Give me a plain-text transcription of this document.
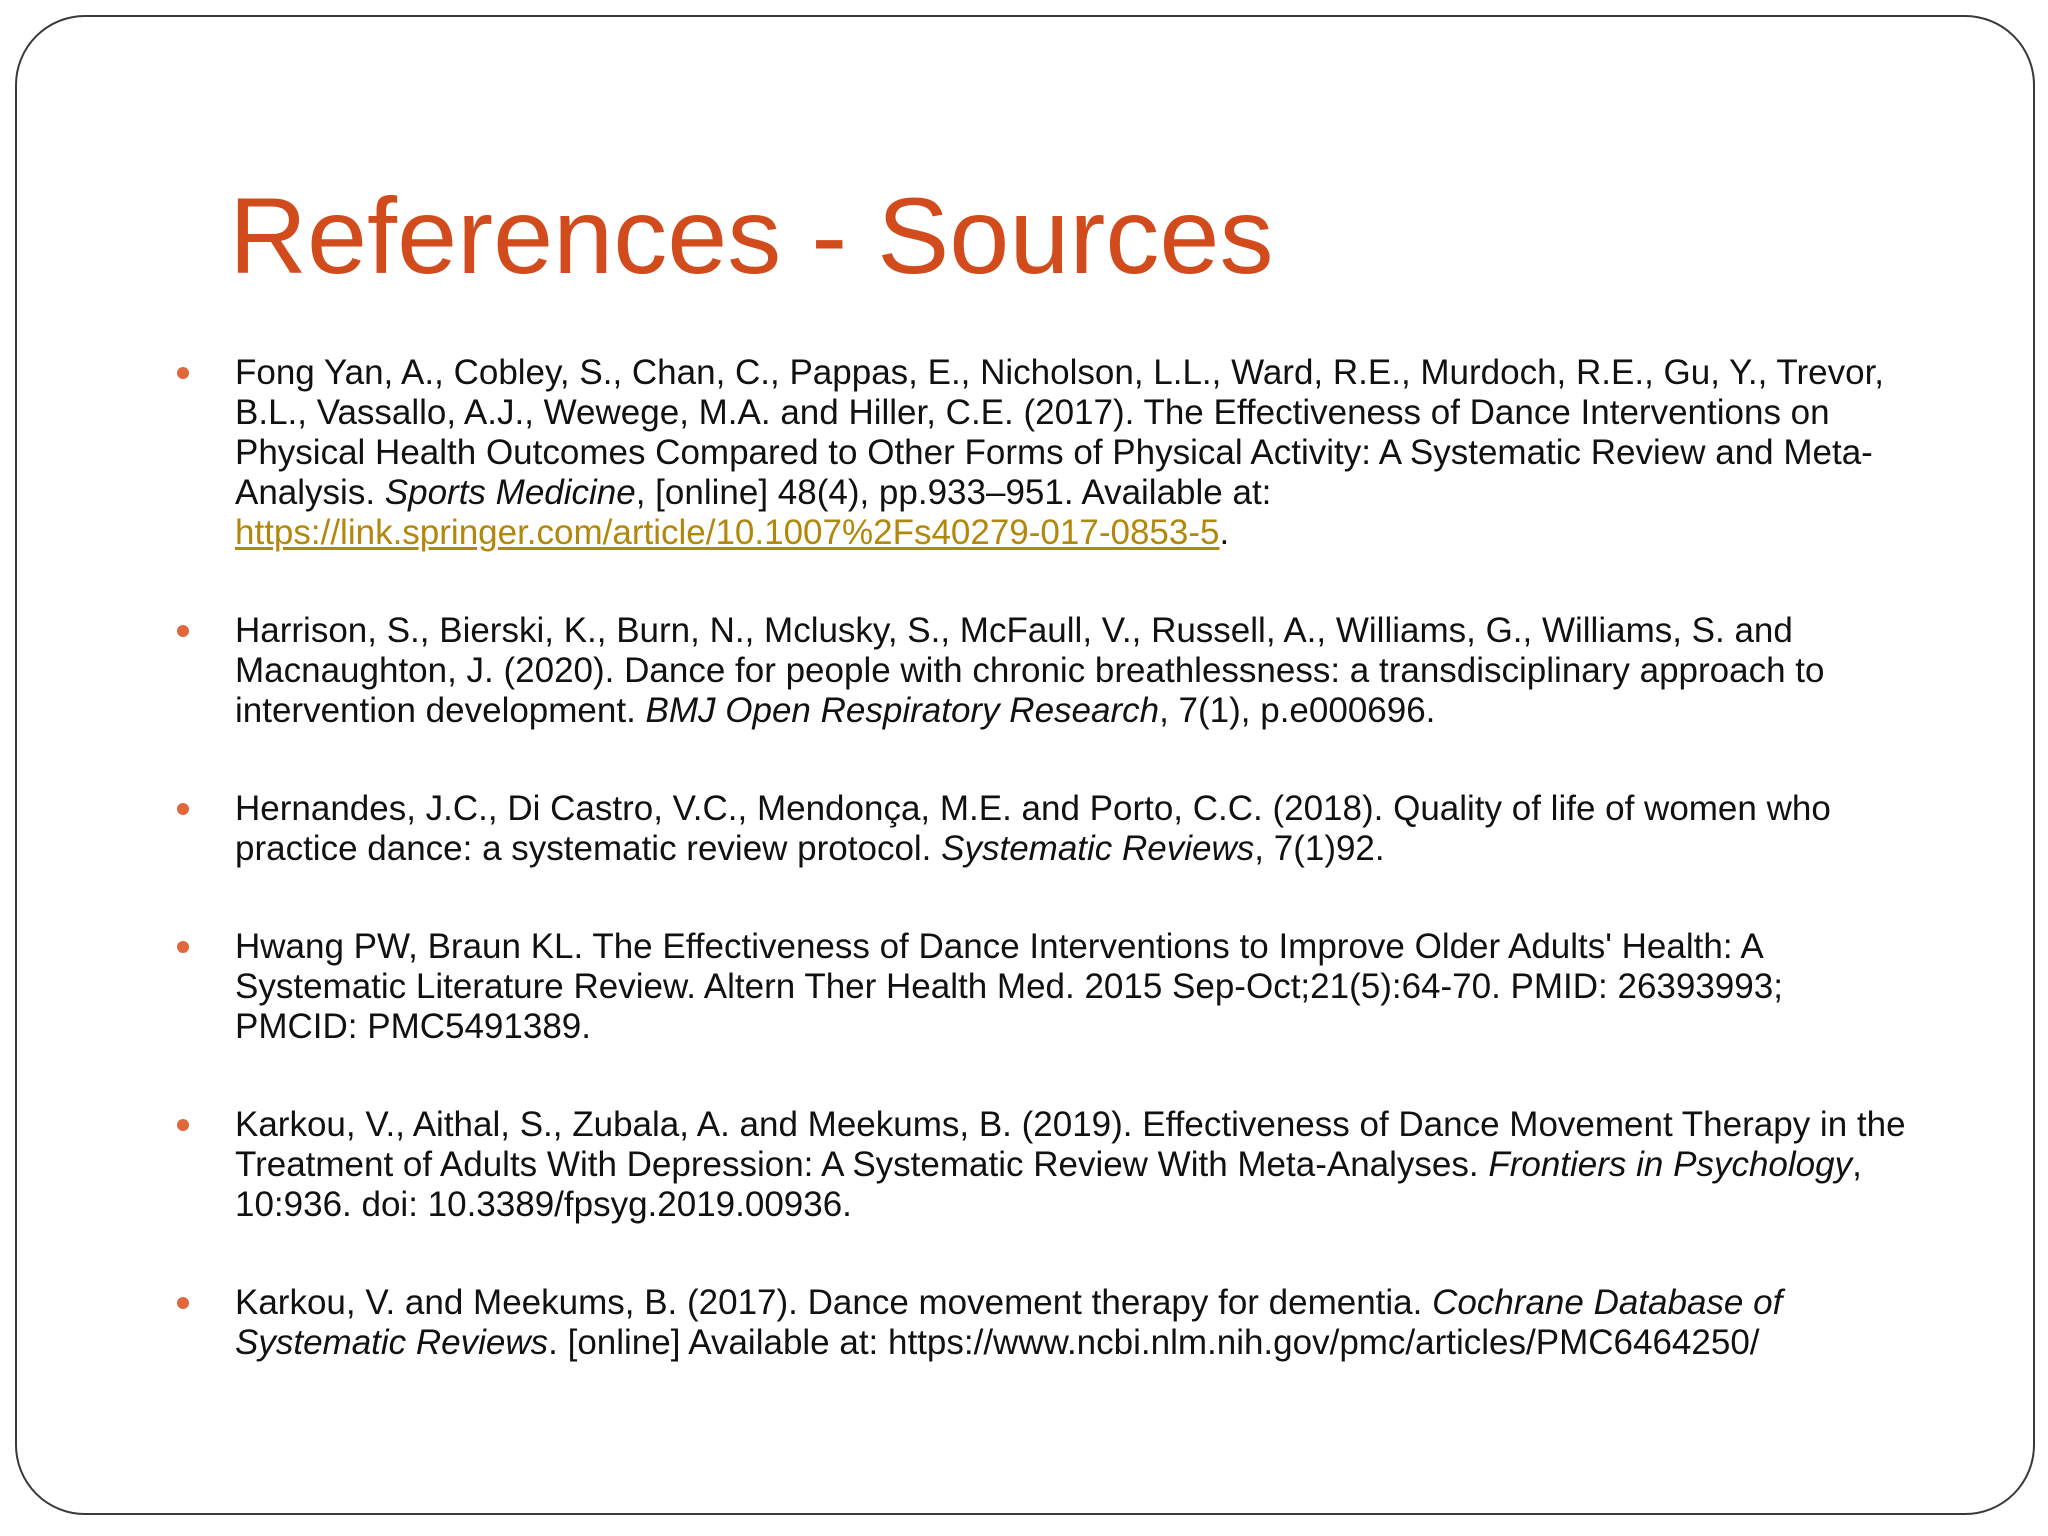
References - Sources
Fong Yan, A., Cobley, S., Chan, C., Pappas, E., Nicholson, L.L., Ward, R.E., Murdoch, R.E., Gu, Y., Trevor, B.L., Vassallo, A.J., Wewege, M.A. and Hiller, C.E. (2017). The Effectiveness of Dance Interventions on Physical Health Outcomes Compared to Other Forms of Physical Activity: A Systematic Review and Meta-Analysis. Sports Medicine, [online] 48(4), pp.933–951. Available at: https://link.springer.com/article/10.1007%2Fs40279-017-0853-5.
Harrison, S., Bierski, K., Burn, N., Mclusky, S., McFaull, V., Russell, A., Williams, G., Williams, S. and Macnaughton, J. (2020). Dance for people with chronic breathlessness: a transdisciplinary approach to intervention development. BMJ Open Respiratory Research, 7(1), p.e000696.
Hernandes, J.C., Di Castro, V.C., Mendonça, M.E. and Porto, C.C. (2018). Quality of life of women who practice dance: a systematic review protocol. Systematic Reviews, 7(1)92.
Hwang PW, Braun KL. The Effectiveness of Dance Interventions to Improve Older Adults' Health: A Systematic Literature Review. Altern Ther Health Med. 2015 Sep-Oct;21(5):64-70. PMID: 26393993; PMCID: PMC5491389.
Karkou, V., Aithal, S., Zubala, A. and Meekums, B. (2019). Effectiveness of Dance Movement Therapy in the Treatment of Adults With Depression: A Systematic Review With Meta-Analyses. Frontiers in Psychology, 10:936. doi: 10.3389/fpsyg.2019.00936.
Karkou, V. and Meekums, B. (2017). Dance movement therapy for dementia. Cochrane Database of Systematic Reviews. [online] Available at: https://www.ncbi.nlm.nih.gov/pmc/articles/PMC6464250/
